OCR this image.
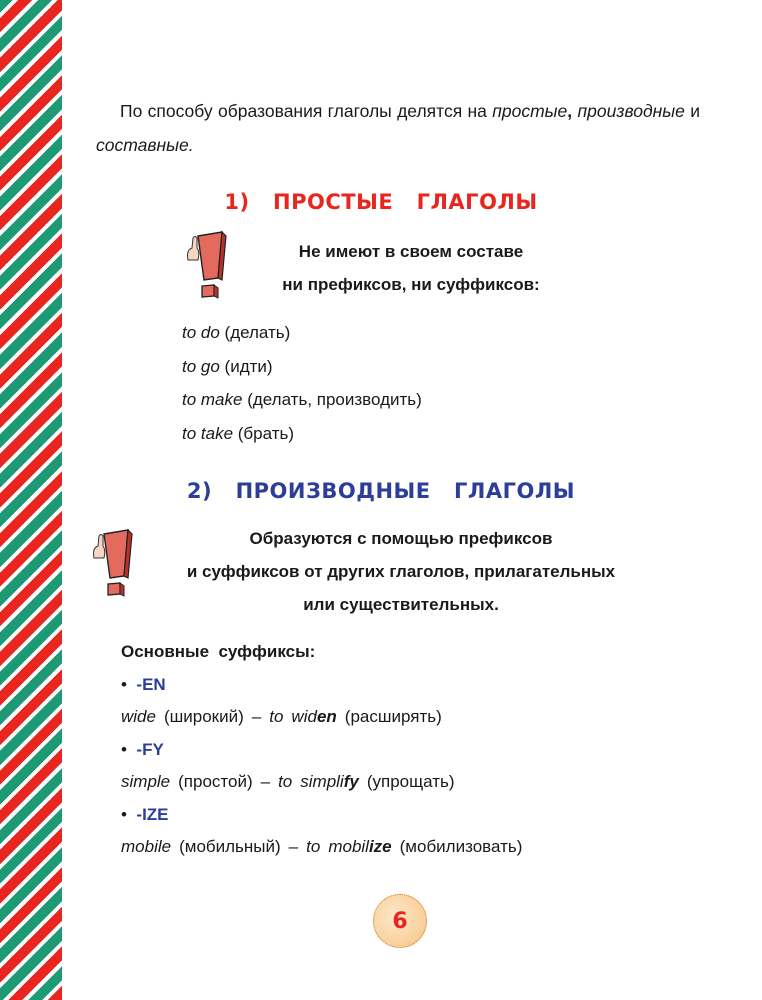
По способу образования глаголы делятся на простые, производные и составные.
1)   ПРОСТЫЕ   ГЛАГОЛЫ
Не имеют в своем составе
ни префиксов, ни суффиксов:
to do (делать)
to go (идти)
to make (делать, производить)
to take (брать)
2)   ПРОИЗВОДНЫЕ   ГЛАГОЛЫ
Образуются с помощью префиксов
и суффиксов от других глаголов, прилагательных
или существительных.
Основные  суффиксы:
• -EN
wide (широкий) – to widen (расширять)
• -FY
simple (простой) – to simplify (упрощать)
• -IZE
mobile (мобильный) – to mobilize (мобилизовать)
6
